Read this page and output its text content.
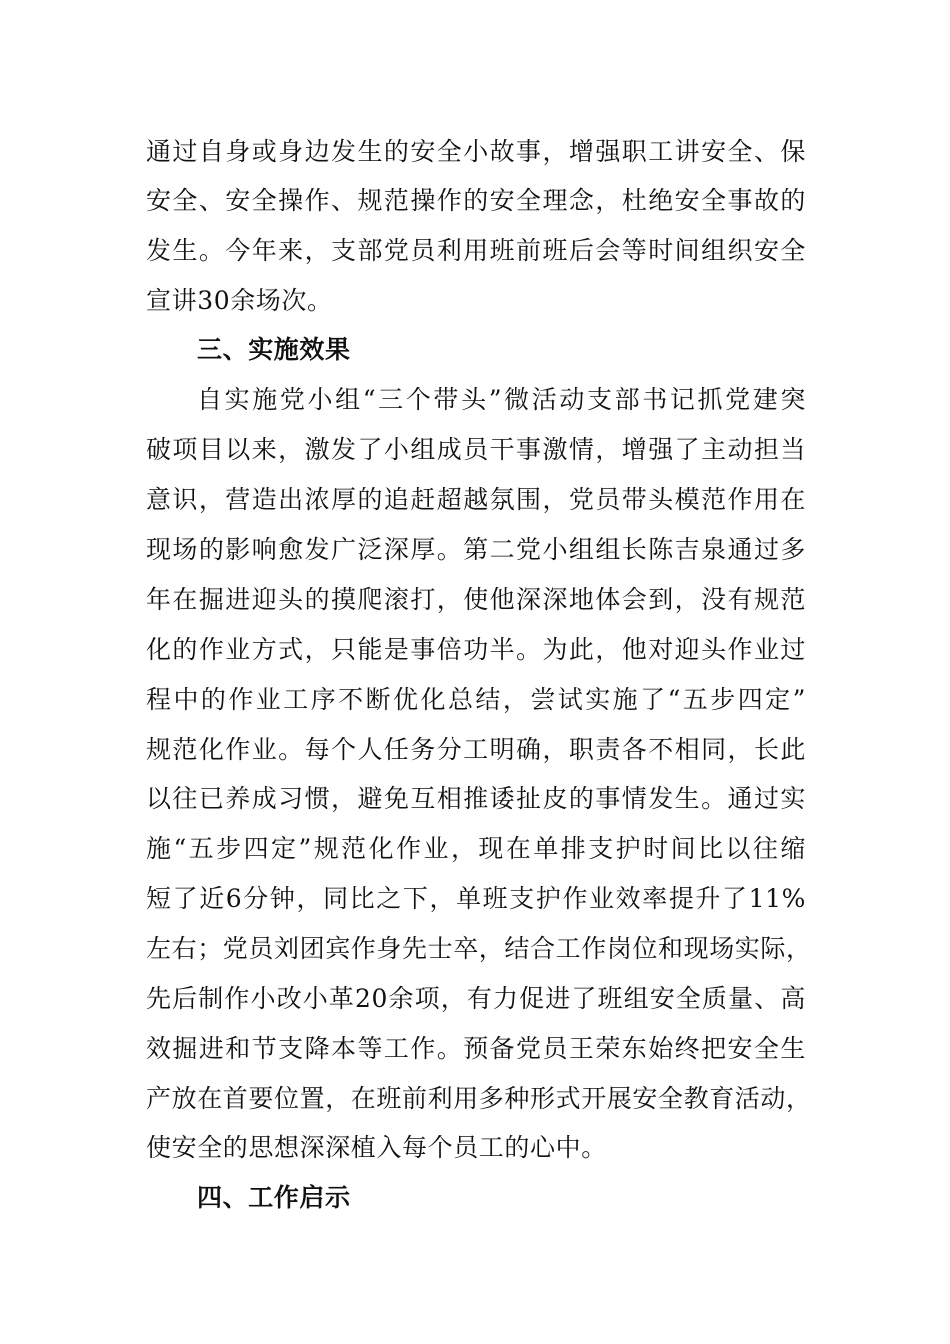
通过自身或身边发生的安全小故事，增强职工讲安全、保
安全、安全操作、规范操作的安全理念，杜绝安全事故的
发生。今年来，支部党员利用班前班后会等时间组织安全
宣讲30余场次。
三、实施效果
自实施党小组“三个带头”微活动支部书记抓党建突
破项目以来，激发了小组成员干事激情，增强了主动担当
意识，营造出浓厚的追赶超越氛围，党员带头模范作用在
现场的影响愈发广泛深厚。第二党小组组长陈吉泉通过多
年在掘进迎头的摸爬滚打，使他深深地体会到，没有规范
化的作业方式，只能是事倍功半。为此，他对迎头作业过
程中的作业工序不断优化总结，尝试实施了“五步四定”
规范化作业。每个人任务分工明确，职责各不相同，长此
以往已养成习惯，避免互相推诿扯皮的事情发生。通过实
施“五步四定”规范化作业，现在单排支护时间比以往缩
短了近6分钟，同比之下，单班支护作业效率提升了11%
左右；党员刘团宾作身先士卒，结合工作岗位和现场实际，
先后制作小改小革20余项，有力促进了班组安全质量、高
效掘进和节支降本等工作。预备党员王荣东始终把安全生
产放在首要位置，在班前利用多种形式开展安全教育活动，
使安全的思想深深植入每个员工的心中。
四、工作启示
